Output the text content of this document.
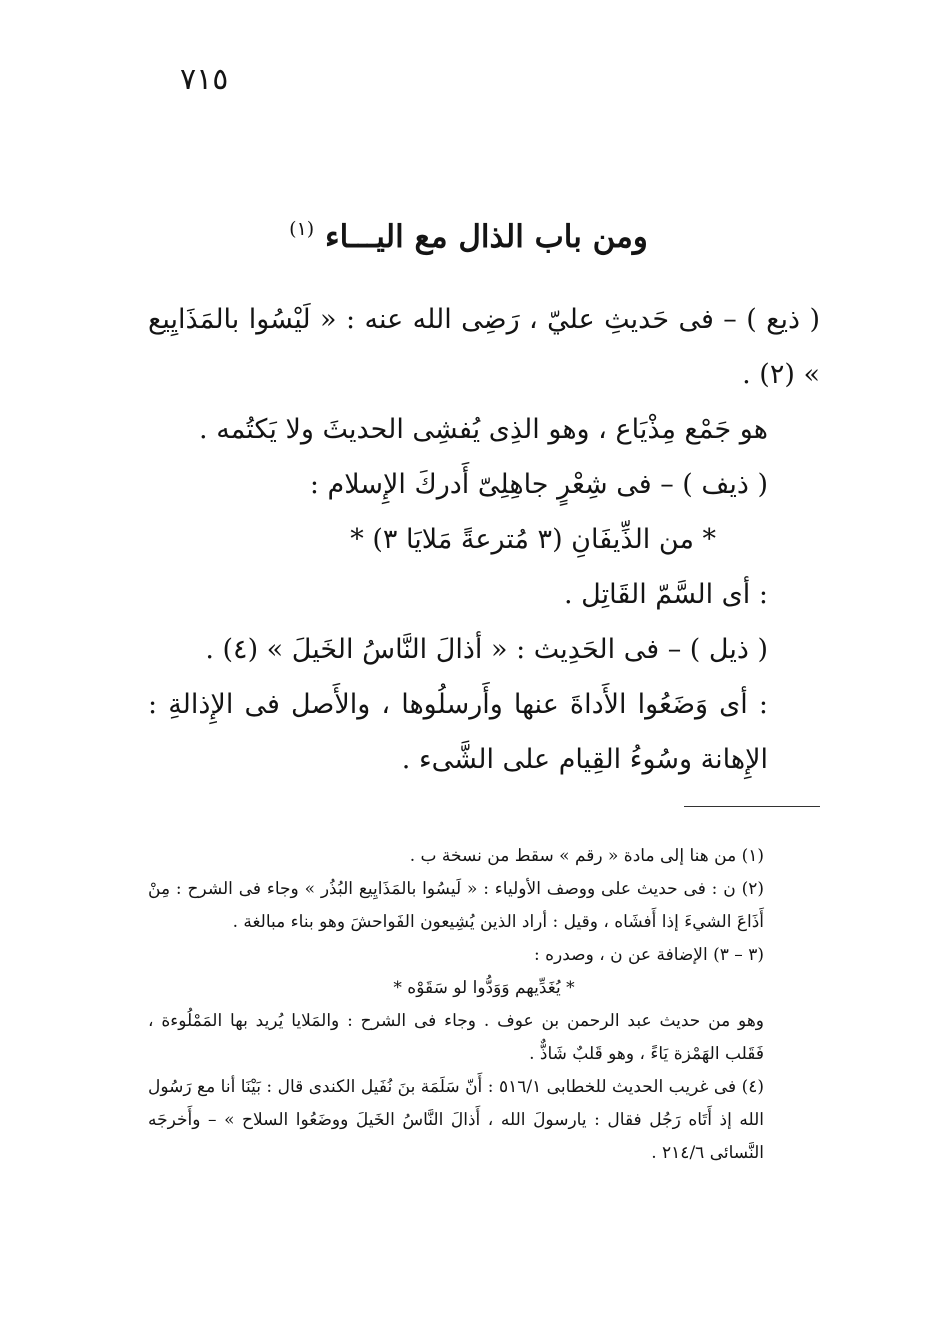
٧١٥
ومن باب الذال مع اليـــاء $^{(١)}$

( ذيع ) – فى حَديثِ عليّ ، رَضِى الله عنه : « لَيْسُوا بالمَذَايِيع » (٢) .

هو جَمْع مِذْيَاع ، وهو الذِى يُفشِى الحديثَ ولا يَكتُمه .

( ذيف ) – فى شِعْرٍ جاهِلِىّ أَدركَ الإِسلام :

* من الذِّيفَانِ (٣ مُترعةً مَلايَا ٣) *

: أى السَّمّ القَاتِل .

( ذيل ) – فى الحَدِيث : « أذالَ النَّاسُ الخَيلَ » (٤) .

: أى وَضَعُوا الأَداةَ عنها وأَرسلُوها ، والأَصل فى الإِذالةِ : الإِهانة وسُوءُ القِيام على الشَّىء .

(١) من هنا إلى مادة « رقم » سقط من نسخة ب .

(٢) ن : فى حديث على ووصف الأولياء : « لَيسُوا بالمَذَايِيع البُذُر » وجاء فى الشرح : مِنْ أَذَاعَ الشيءَ إذا أَفشَاه ، وقيل : أراد الذين يُشِيعون الفَواحشَ وهو بناء مبالغة .

(٣ – ٣) الإضافة عن ن ، وصدره :

* يُغَدِّيهم وَوَدُّوا لو سَقَوْه *

وهو من حديث عبد الرحمن بن عوف . وجاء فى الشرح : والمَلايا يُريد بها المَمْلُوءة ، فَقَلب الهَمْزة يَاءً ، وهو قَلبٌ شَاذٌّ .

(٤) فى غريب الحديث للخطابى ٥١٦/١ : أَنّ سَلَمَة بنَ نُفَيل الكندى قال : بَيْنَا أنا مع رَسُول الله إذ أَتَاه رَجُل فقال : يارسولَ الله ، أَذالَ النَّاسُ الخَيلَ ووضَعُوا السلاح » – وأَخرجَه النَّسائى ٢١٤/٦ .
